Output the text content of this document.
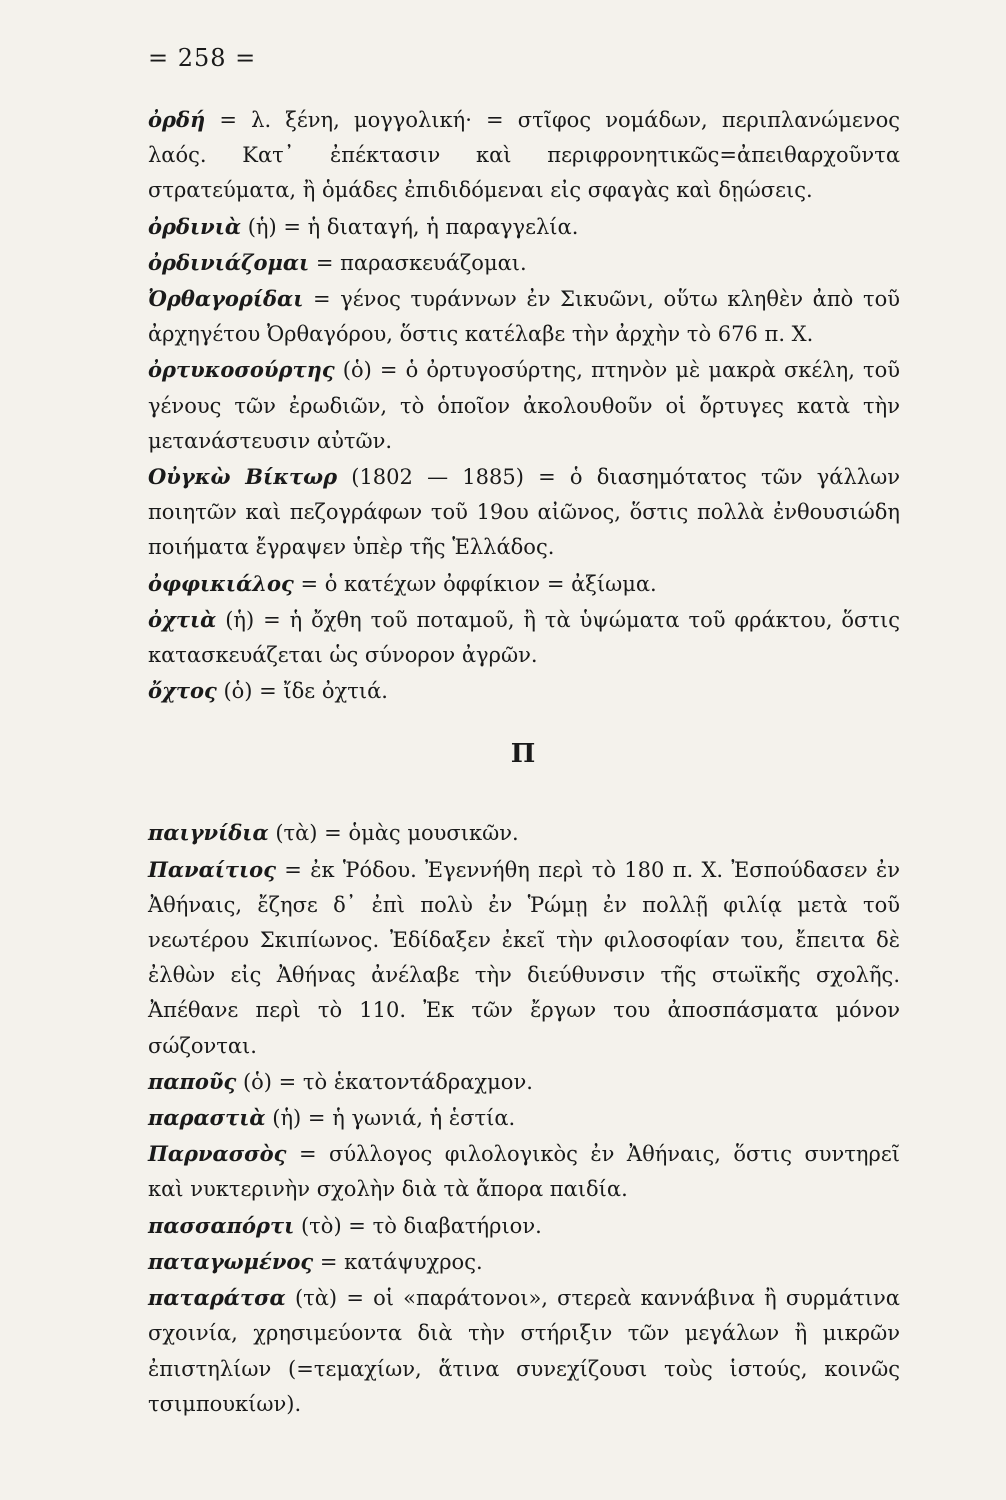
= 258 =

ὀρδή = λ. ξένη, μογγολική· = στῖφος νομάδων, περιπλανώμενος λαός. Κατ᾿ ἐπέκτασιν καὶ περιφρονητικῶς=ἀπειθαρχοῦντα στρατεύματα, ἢ ὁμάδες ἐπιδιδόμεναι εἰς σφαγὰς καὶ δῃώσεις.

ὀρδινιὰ (ἡ) = ἡ διαταγή, ἡ παραγγελία.

ὀρδινιάζομαι = παρασκευάζομαι.

Ὀρθαγορίδαι = γένος τυράννων ἐν Σικυῶνι, οὕτω κληθὲν ἀπὸ τοῦ ἀρχηγέτου Ὀρθαγόρου, ὅστις κατέλαβε τὴν ἀρχὴν τὸ 676 π. Χ.

ὀρτυκοσούρτης (ὁ) = ὁ ὀρτυγοσύρτης, πτηνὸν μὲ μακρὰ σκέλη, τοῦ γένους τῶν ἐρωδιῶν, τὸ ὁποῖον ἀκολουθοῦν οἱ ὄρτυγες κατὰ τὴν μετανάστευσιν αὐτῶν.

Οὐγκὼ Βίκτωρ (1802 — 1885) = ὁ διασημότατος τῶν γάλλων ποιητῶν καὶ πεζογράφων τοῦ 19ου αἰῶνος, ὅστις πολλὰ ἐνθουσιώδη ποιήματα ἔγραψεν ὑπὲρ τῆς Ἑλλάδος.

ὀφφικιάλος = ὁ κατέχων ὀφφίκιον = ἀξίωμα.

ὀχτιὰ (ἡ) = ἡ ὄχθη τοῦ ποταμοῦ, ἢ τὰ ὑψώματα τοῦ φράκτου, ὅστις κατασκευάζεται ὡς σύνορον ἀγρῶν.

ὄχτος (ὁ) = ἴδε ὀχτιά.

Π

παιγνίδια (τὰ) = ὁμὰς μουσικῶν.

Παναίτιος = ἐκ Ῥόδου. Ἐγεννήθη περὶ τὸ 180 π. Χ. Ἐσπούδασεν ἐν Ἀθήναις, ἔζησε δ᾿ ἐπὶ πολὺ ἐν Ῥώμῃ ἐν πολλῇ φιλίᾳ μετὰ τοῦ νεωτέρου Σκιπίωνος. Ἐδίδαξεν ἐκεῖ τὴν φιλοσοφίαν του, ἔπειτα δὲ ἐλθὼν εἰς Ἀθήνας ἀνέλαβε τὴν διεύθυνσιν τῆς στωϊκῆς σχολῆς. Ἀπέθανε περὶ τὸ 110. Ἐκ τῶν ἔργων του ἀποσπάσματα μόνον σώζονται.

παποῦς (ὁ) = τὸ ἑκατοντάδραχμον.

παραστιὰ (ἡ) = ἡ γωνιά, ἡ ἑστία.

Παρνασσὸς = σύλλογος φιλολογικὸς ἐν Ἀθήναις, ὅστις συντηρεῖ καὶ νυκτερινὴν σχολὴν διὰ τὰ ἄπορα παιδία.

πασσαπόρτι (τὸ) = τὸ διαβατήριον.

παταγωμένος = κατάψυχρος.

παταράτσα (τὰ) = οἱ «παράτονοι», στερεὰ καννάβινα ἢ συρμάτινα σχοινία, χρησιμεύοντα διὰ τὴν στήριξιν τῶν μεγάλων ἢ μικρῶν ἐπιστηλίων (=τεμαχίων, ἅτινα συνεχίζουσι τοὺς ἱστούς, κοινῶς τσιμπουκίων).
